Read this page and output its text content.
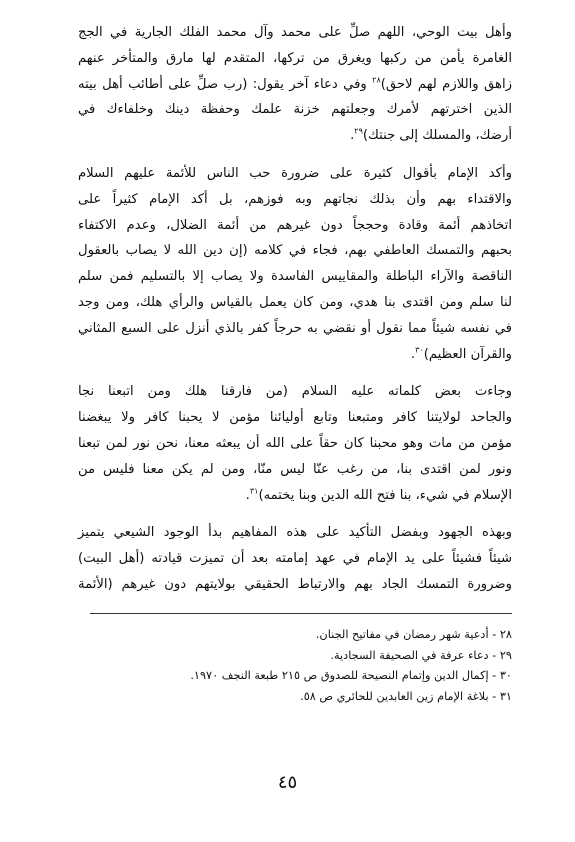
وأهل بيت الوحي، اللهم صلِّ على محمد وآل محمد الفلك الجارية في الجج
الغامرة يأمن من ركبها ويغرق من تركها، المتقدم لها مارق والمتأخر عنهم
زاهق واللازم لهم لاحق)$^{٢٨}$ وفي دعاء آخر يقول: (رب صلِّ على أطائب أهل بيته
الذين اخترتهم لأمرك وجعلتهم خزنة علمك وحفظة دينك وخلفاءك في
أرضك، والمسلك إلى جنتك)$^{٢٩}$.

وأكد الإمام بأقوال كثيرة على ضرورة حب الناس للأئمة عليهم السلام
والاقتداء بهم وأن بذلك نجاتهم وبه فوزهم، بل أكد الإمام كثيراً على
اتخاذهم أئمة وقادة وحججاً دون غيرهم من أئمة الضلال، وعدم الاكتفاء
بحبهم والتمسك العاطفي بهم، فجاء في كلامه (إن دين الله لا يصاب بالعقول
الناقصة والآراء الباطلة والمقاييس الفاسدة ولا يصاب إلا بالتسليم فمن سلم
لنا سلم ومن اقتدى بنا هدي، ومن كان يعمل بالقياس والرأي هلك، ومن وجد
في نفسه شيئاً مما نقول أو نقضي به حرجاً كفر بالذي أنزل على السبع المثاني
والقرآن العظيم)$^{٣٠}$.

وجاءت بعض كلماته عليه السلام (من فارقنا هلك ومن اتبعنا نجا
والجاحد لولايتنا كافر ومتبعنا وتابع أوليائنا مؤمن لا يحبنا كافر ولا يبغضنا
مؤمن من مات وهو محبنا كان حقاً على الله أن يبعثه معنا، نحن نور لمن تبعنا
ونور لمن اقتدى بنا، من رغب عنّا ليس منّا، ومن لم يكن معنا فليس من
الإسلام في شيء، بنا فتح الله الدين وبنا يختمه)$^{٣١}$.

وبهذه الجهود وبفضل التأكيد على هذه المفاهيم بدأ الوجود الشيعي يتميز
شيئاً فشيئاً على يد الإمام في عهد إمامته بعد أن تميزت قيادته (أهل البيت)
وضرورة التمسك الجاد بهم والارتباط الحقيقي بولايتهم دون غيرهم (الأئمة

٢٨ - أدعية شهر رمضان في مفاتيح الجنان.
٢٩ - دعاء عرفة في الصحيفة السجادية.
٣٠ - إكمال الدين وإتمام النصيحة للصدوق ص ٢١٥ طبعة النجف ١٩٧٠.
٣١ - بلاغة الإمام زين العابدين للحائري ص ٥٨.
٤٥
